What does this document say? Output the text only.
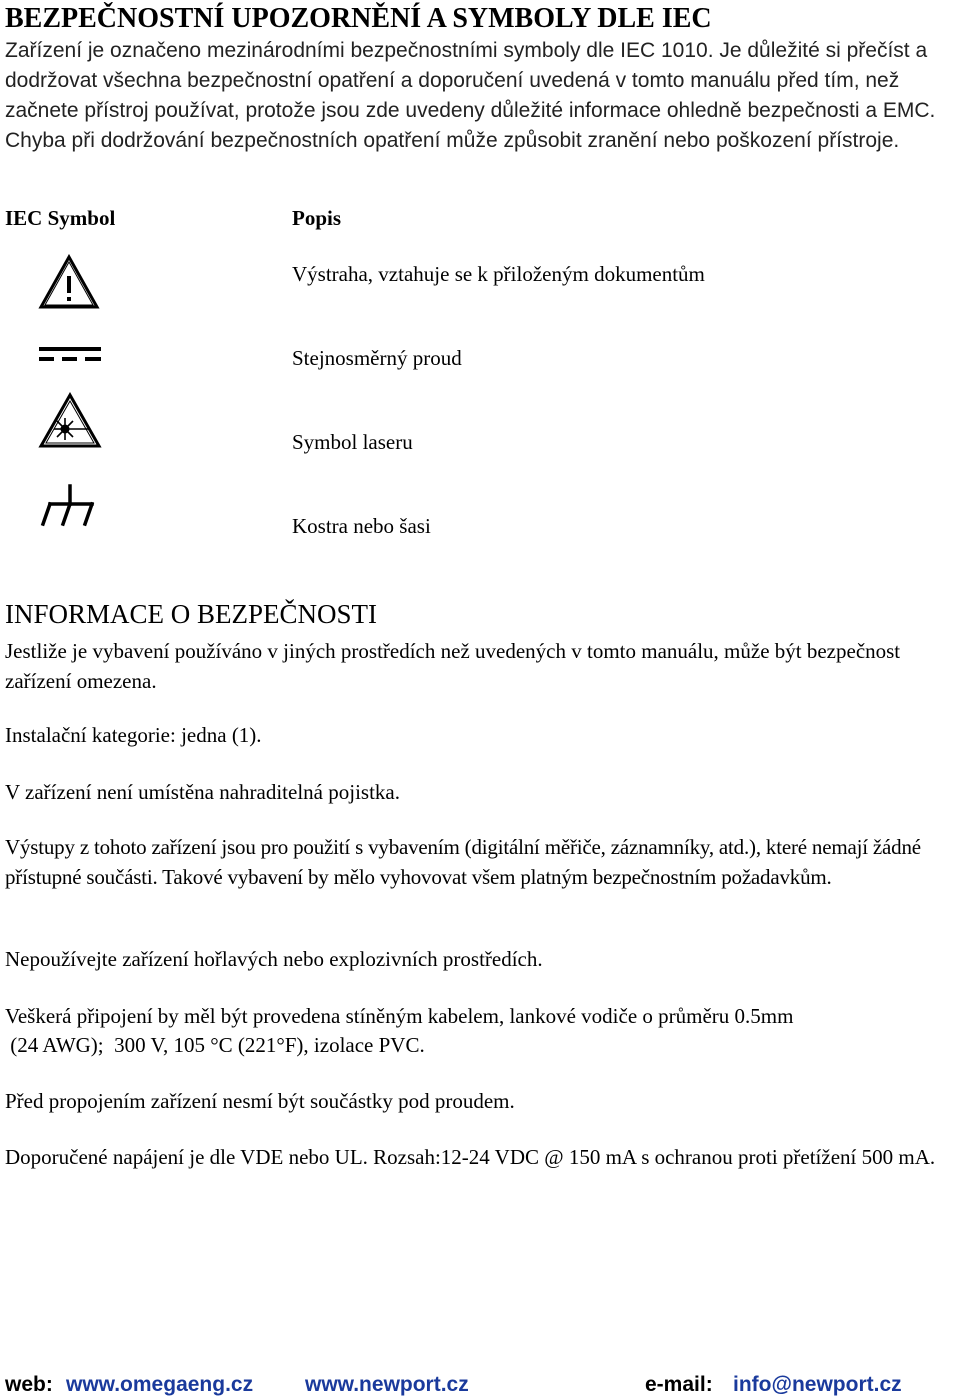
BEZPEČNOSTNÍ UPOZORNĚNÍ A SYMBOLY DLE IEC
Zařízení je označeno mezinárodními bezpečnostními symboly dle IEC 1010. Je důležité si přečíst a dodržovat všechna bezpečnostní opatření a doporučení uvedená v tomto manuálu před tím, než začnete přístroj používat, protože jsou zde uvedeny důležité informace ohledně bezpečnosti a EMC. Chyba při dodržování bezpečnostních opatření může způsobit zranění nebo poškození přístroje.
IEC Symbol	Popis
Výstraha, vztahuje se k přiloženým dokumentům
Stejnosměrný proud
Symbol laseru
Kostra nebo šasi
INFORMACE O BEZPEČNOSTI
Jestliže je vybavení používáno v jiných prostředích než uvedených v tomto manuálu, může být bezpečnost zařízení omezena.
Instalační kategorie: jedna (1).
V zařízení není umístěna nahraditelná pojistka.
Výstupy z tohoto zařízení jsou pro použití s vybavením (digitální měřiče, záznamníky, atd.), které nemají žádné přístupné součásti. Takové vybavení by mělo vyhovovat všem platným bezpečnostním požadavkům.
Nepoužívejte zařízení hořlavých nebo explozivních prostředích.
Veškerá připojení by měl být provedena stíněným kabelem, lankové vodiče o průměru 0.5mm
(24 AWG);  300 V, 105 °C (221°F), izolace PVC.
Před propojením zařízení nesmí být součástky pod proudem.
Doporučené napájení je dle VDE nebo UL. Rozsah:12-24 VDC @ 150 mA s ochranou proti přetížení 500 mA.
web: www.omegaeng.cz www.newport.cz	e-mail: info@newport.cz
